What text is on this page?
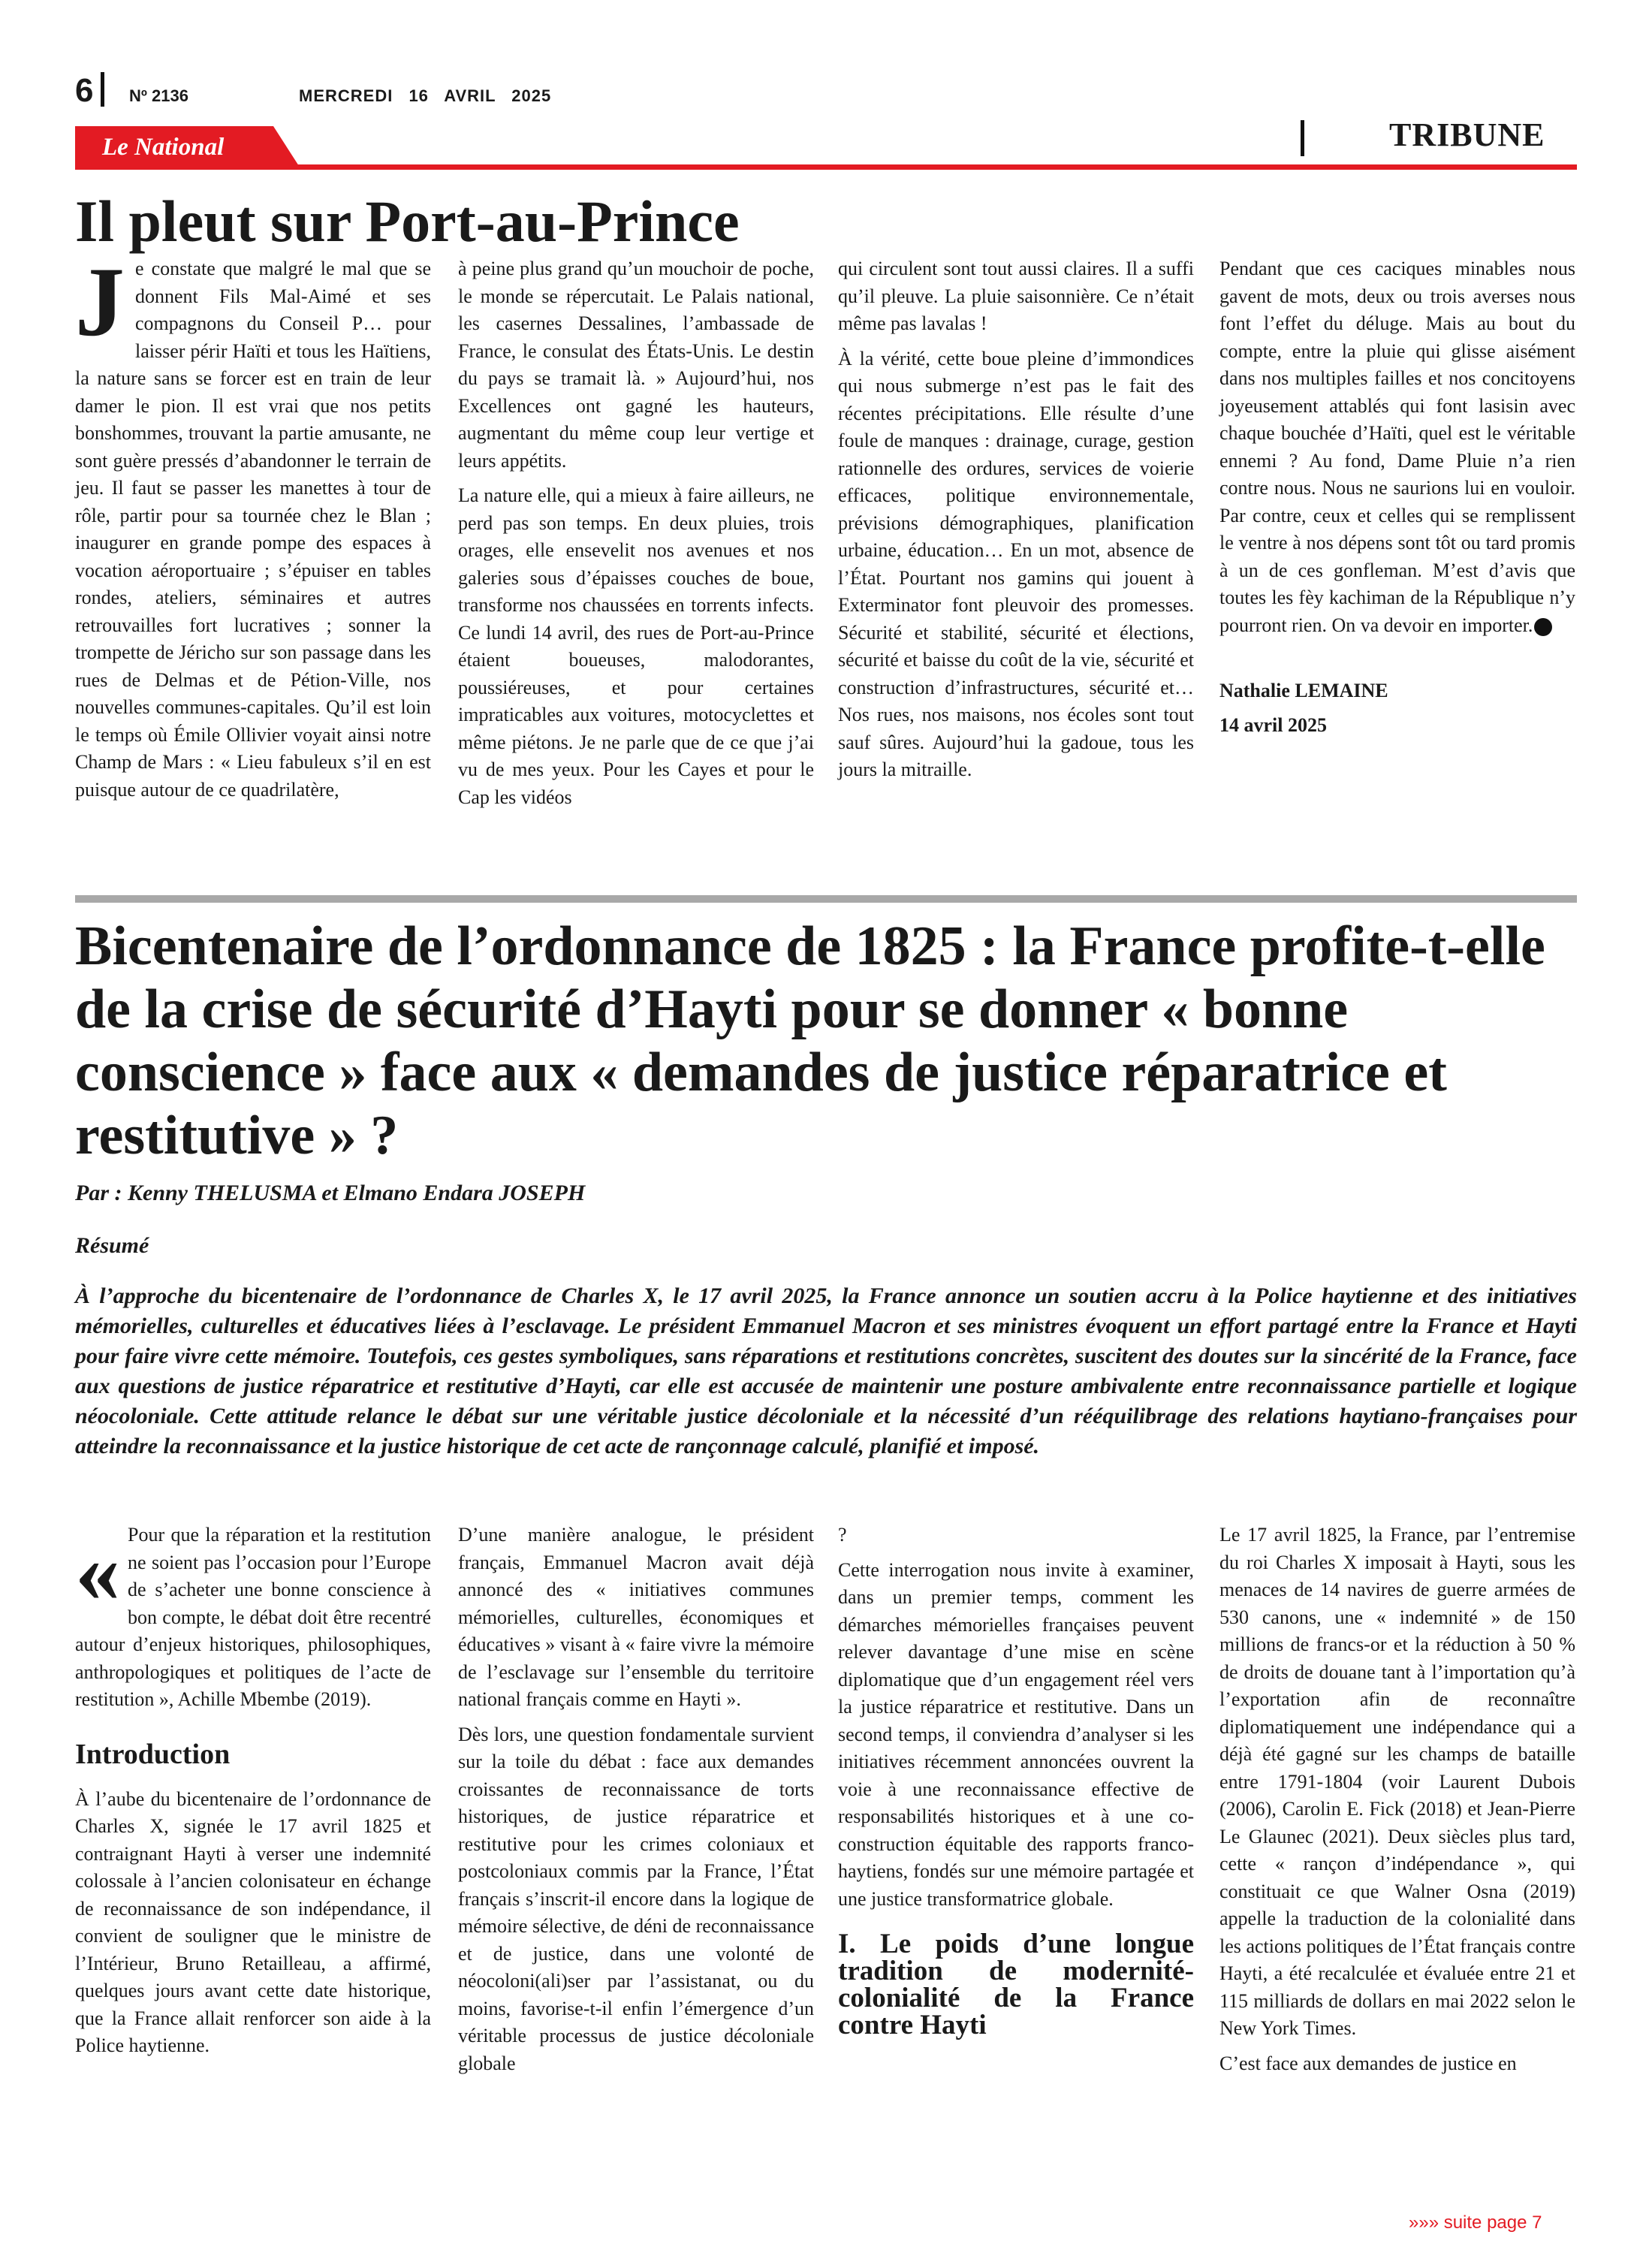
6 Nº 2136	MERCREDI 16 AVRIL 2025
Le National	TRIBUNE
Il pleut sur Port-au-Prince
J e constate que malgré le mal que se donnent Fils Mal-Aimé et ses compagnons du Conseil P… pour laisser périr Haïti et tous les Haïtiens, la nature sans se forcer est en train de leur damer le pion. Il est vrai que nos petits bonshommes, trouvant la partie amusante, ne sont guère pressés d’abandonner le terrain de jeu. Il faut se passer les manettes à tour de rôle, partir pour sa tournée chez le Blan ; inaugurer en grande pompe des espaces à vocation aéroportuaire ; s’épuiser en tables rondes, ateliers, séminaires et autres retrouvailles fort lucratives ; sonner la trompette de Jéricho sur son passage dans les rues de Delmas et de Pétion-Ville, nos nouvelles communes-capitales. Qu’il est loin le temps où Émile Ollivier voyait ainsi notre Champ de Mars : « Lieu fabuleux s’il en est puisque autour de ce quadrilatère,

à peine plus grand qu’un mouchoir de poche, le monde se répercutait. Le Palais national, les casernes Dessalines, l’ambassade de France, le consulat des États-Unis. Le destin du pays se tramait là. » Aujourd’hui, nos Excellences ont gagné les hauteurs, augmentant du même coup leur vertige et leurs appétits.

La nature elle, qui a mieux à faire ailleurs, ne perd pas son temps. En deux pluies, trois orages, elle ensevelit nos avenues et nos galeries sous d’épaisses couches de boue, transforme nos chaussées en torrents infects. Ce lundi 14 avril, des rues de Port-au-Prince étaient boueuses, malodorantes, poussiéreuses, et pour certaines impraticables aux voitures, motocyclettes et même piétons. Je ne parle que de ce que j’ai vu de mes yeux. Pour les Cayes et pour le Cap les vidéos

qui circulent sont tout aussi claires. Il a suffi qu’il pleuve. La pluie saisonnière. Ce n’était même pas lavalas !

À la vérité, cette boue pleine d’immondices qui nous submerge n’est pas le fait des récentes précipitations. Elle résulte d’une foule de manques : drainage, curage, gestion rationnelle des ordures, services de voierie efficaces, politique environnementale, prévisions démographiques, planification urbaine, éducation… En un mot, absence de l’État. Pourtant nos gamins qui jouent à Exterminator font pleuvoir des promesses. Sécurité et stabilité, sécurité et élections, sécurité et baisse du coût de la vie, sécurité et construction d’infrastructures, sécurité et… Nos rues, nos maisons, nos écoles sont tout sauf sûres. Aujourd’hui la gadoue, tous les jours la mitraille.

Pendant que ces caciques minables nous gavent de mots, deux ou trois averses nous font l’effet du déluge. Mais au bout du compte, entre la pluie qui glisse aisément dans nos multiples failles et nos concitoyens joyeusement attablés qui font lasisin avec chaque bouchée d’Haïti, quel est le véritable ennemi ? Au fond, Dame Pluie n’a rien contre nous. Nous ne saurions lui en vouloir. Par contre, ceux et celles qui se remplissent le ventre à nos dépens sont tôt ou tard promis à un de ces gonfleman. M’est d’avis que toutes les fèy kachiman de la République n’y pourront rien. On va devoir en importer.

Nathalie LEMAINE
14 avril 2025
Bicentenaire de l’ordonnance de 1825 : la France profite-t-elle de la crise de sécurité d’Hayti pour se donner « bonne conscience » face aux « demandes de justice réparatrice et restitutive » ?
Par : Kenny THELUSMA et Elmano Endara JOSEPH
Résumé

À l’approche du bicentenaire de l’ordonnance de Charles X, le 17 avril 2025, la France annonce un soutien accru à la Police haytienne et des initiatives mémorielles, culturelles et éducatives liées à l’esclavage. Le président Emmanuel Macron et ses ministres évoquent un effort partagé entre la France et Hayti pour faire vivre cette mémoire. Toutefois, ces gestes symboliques, sans réparations et restitutions concrètes, suscitent des doutes sur la sincérité de la France, face aux questions de justice réparatrice et restitutive d’Hayti, car elle est accusée de maintenir une posture ambivalente entre reconnaissance partielle et logique néocoloniale. Cette attitude relance le débat sur une véritable justice décoloniale et la nécessité d’un rééquilibrage des relations haytiano-françaises pour atteindre la reconnaissance et la justice historique de cet acte de rançonnage calculé, planifié et imposé.

« Pour que la réparation et la restitution ne soient pas l’occasion pour l’Europe de s’acheter une bonne conscience à bon compte, le débat doit être recentré autour d’enjeux historiques, philosophiques, anthropologiques et politiques de l’acte de restitution », Achille Mbembe (2019).

Introduction

À l’aube du bicentenaire de l’ordonnance de Charles X, signée le 17 avril 1825 et contraignant Hayti à verser une indemnité colossale à l’ancien colonisateur en échange de reconnaissance de son indépendance, il convient de souligner que le ministre de l’Intérieur, Bruno Retailleau, a affirmé, quelques jours avant cette date historique, que la France allait renforcer son aide à la Police haytienne.

D’une manière analogue, le président français, Emmanuel Macron avait déjà annoncé des « initiatives communes mémorielles, culturelles, économiques et éducatives » visant à « faire vivre la mémoire de l’esclavage sur l’ensemble du territoire national français comme en Hayti ».

Dès lors, une question fondamentale survient sur la toile du débat : face aux demandes croissantes de reconnaissance de torts historiques, de justice réparatrice et restitutive pour les crimes coloniaux et postcoloniaux commis par la France, l’État français s’inscrit-il encore dans la logique de mémoire sélective, de déni de reconnaissance et de justice, dans une volonté de néocoloni(ali)ser par l’assistanat, ou du moins, favorise-t-il enfin l’émergence d’un véritable processus de justice décoloniale globale

?

Cette interrogation nous invite à examiner, dans un premier temps, comment les démarches mémorielles françaises peuvent relever davantage d’une mise en scène diplomatique que d’un engagement réel vers la justice réparatrice et restitutive. Dans un second temps, il conviendra d’analyser si les initiatives récemment annoncées ouvrent la voie à une reconnaissance effective de responsabilités historiques et à une co-construction équitable des rapports franco-haytiens, fondés sur une mémoire partagée et une justice transformatrice globale.

I. Le poids d’une longue tradition de modernité-colonialité de la France contre Hayti

Le 17 avril 1825, la France, par l’entremise du roi Charles X imposait à Hayti, sous les menaces de 14 navires de guerre armées de 530 canons, une « indemnité » de 150 millions de francs-or et la réduction à 50 % de droits de douane tant à l’importation qu’à l’exportation afin de reconnaître diplomatiquement une indépendance qui a déjà été gagné sur les champs de bataille entre 1791-1804 (voir Laurent Dubois (2006), Carolin E. Fick (2018) et Jean-Pierre Le Glaunec (2021). Deux siècles plus tard, cette « rançon d’indépendance », qui constituait ce que Walner Osna (2019) appelle la traduction de la colonialité dans les actions politiques de l’État français contre Hayti, a été recalculée et évaluée entre 21 et 115 milliards de dollars en mai 2022 selon le New York Times.

C’est face aux demandes de justice en

»»» suite page 7
